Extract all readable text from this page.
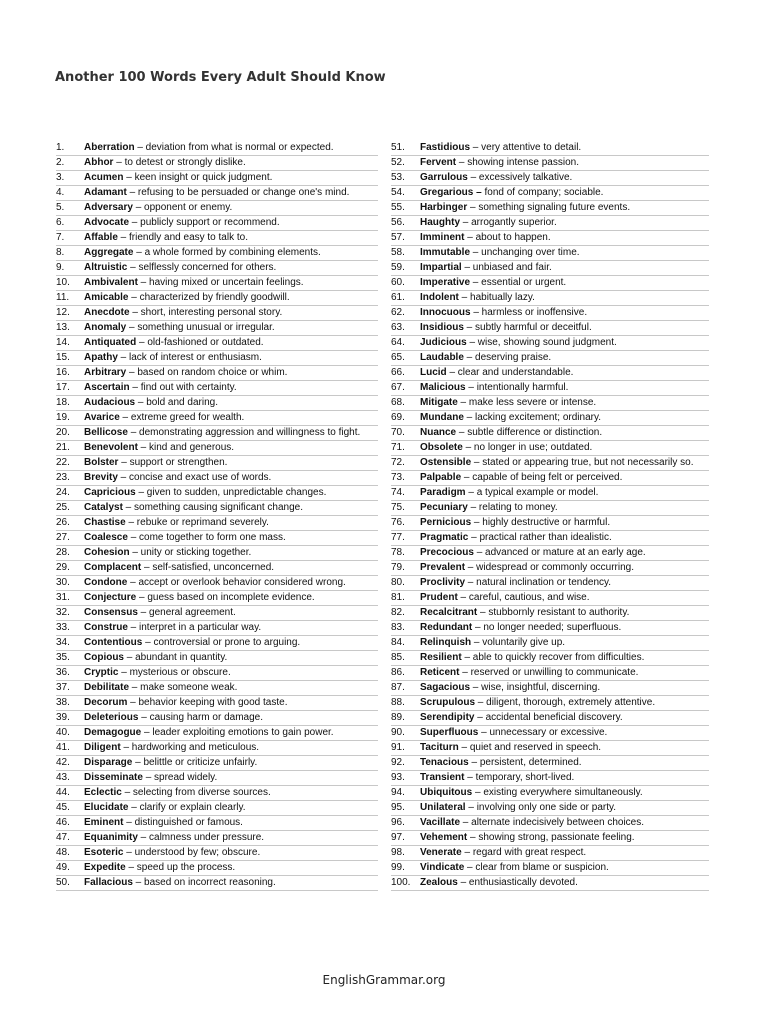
Another 100 Words Every Adult Should Know
1.	Aberration – deviation from what is normal or expected.
2.	Abhor – to detest or strongly dislike.
3.	Acumen – keen insight or quick judgment.
4.	Adamant – refusing to be persuaded or change one's mind.
5.	Adversary – opponent or enemy.
6.	Advocate – publicly support or recommend.
7.	Affable – friendly and easy to talk to.
8.	Aggregate – a whole formed by combining elements.
9.	Altruistic – selflessly concerned for others.
10.	Ambivalent – having mixed or uncertain feelings.
11.	Amicable – characterized by friendly goodwill.
12.	Anecdote – short, interesting personal story.
13.	Anomaly – something unusual or irregular.
14.	Antiquated – old-fashioned or outdated.
15.	Apathy – lack of interest or enthusiasm.
16.	Arbitrary – based on random choice or whim.
17.	Ascertain – find out with certainty.
18.	Audacious – bold and daring.
19.	Avarice – extreme greed for wealth.
20.	Bellicose – demonstrating aggression and willingness to fight.
21.	Benevolent – kind and generous.
22.	Bolster – support or strengthen.
23.	Brevity – concise and exact use of words.
24.	Capricious – given to sudden, unpredictable changes.
25.	Catalyst – something causing significant change.
26.	Chastise – rebuke or reprimand severely.
27.	Coalesce – come together to form one mass.
28.	Cohesion – unity or sticking together.
29.	Complacent – self-satisfied, unconcerned.
30.	Condone – accept or overlook behavior considered wrong.
31.	Conjecture – guess based on incomplete evidence.
32.	Consensus – general agreement.
33.	Construe – interpret in a particular way.
34.	Contentious – controversial or prone to arguing.
35.	Copious – abundant in quantity.
36.	Cryptic – mysterious or obscure.
37.	Debilitate – make someone weak.
38.	Decorum – behavior keeping with good taste.
39.	Deleterious – causing harm or damage.
40.	Demagogue – leader exploiting emotions to gain power.
41.	Diligent – hardworking and meticulous.
42.	Disparage – belittle or criticize unfairly.
43.	Disseminate – spread widely.
44.	Eclectic – selecting from diverse sources.
45.	Elucidate – clarify or explain clearly.
46.	Eminent – distinguished or famous.
47.	Equanimity – calmness under pressure.
48.	Esoteric – understood by few; obscure.
49.	Expedite – speed up the process.
50.	Fallacious – based on incorrect reasoning.
51.	Fastidious – very attentive to detail.
52.	Fervent – showing intense passion.
53.	Garrulous – excessively talkative.
54.	Gregarious – fond of company; sociable.
55.	Harbinger – something signaling future events.
56.	Haughty – arrogantly superior.
57.	Imminent – about to happen.
58.	Immutable – unchanging over time.
59.	Impartial – unbiased and fair.
60.	Imperative – essential or urgent.
61.	Indolent – habitually lazy.
62.	Innocuous – harmless or inoffensive.
63.	Insidious – subtly harmful or deceitful.
64.	Judicious – wise, showing sound judgment.
65.	Laudable – deserving praise.
66.	Lucid – clear and understandable.
67.	Malicious – intentionally harmful.
68.	Mitigate – make less severe or intense.
69.	Mundane – lacking excitement; ordinary.
70.	Nuance – subtle difference or distinction.
71.	Obsolete – no longer in use; outdated.
72.	Ostensible – stated or appearing true, but not necessarily so.
73.	Palpable – capable of being felt or perceived.
74.	Paradigm – a typical example or model.
75.	Pecuniary – relating to money.
76.	Pernicious – highly destructive or harmful.
77.	Pragmatic – practical rather than idealistic.
78.	Precocious – advanced or mature at an early age.
79.	Prevalent – widespread or commonly occurring.
80.	Proclivity – natural inclination or tendency.
81.	Prudent – careful, cautious, and wise.
82.	Recalcitrant – stubbornly resistant to authority.
83.	Redundant – no longer needed; superfluous.
84.	Relinquish – voluntarily give up.
85.	Resilient – able to quickly recover from difficulties.
86.	Reticent – reserved or unwilling to communicate.
87.	Sagacious – wise, insightful, discerning.
88.	Scrupulous – diligent, thorough, extremely attentive.
89.	Serendipity – accidental beneficial discovery.
90.	Superfluous – unnecessary or excessive.
91.	Taciturn – quiet and reserved in speech.
92.	Tenacious – persistent, determined.
93.	Transient – temporary, short-lived.
94.	Ubiquitous – existing everywhere simultaneously.
95.	Unilateral – involving only one side or party.
96.	Vacillate – alternate indecisively between choices.
97.	Vehement – showing strong, passionate feeling.
98.	Venerate – regard with great respect.
99.	Vindicate – clear from blame or suspicion.
100. Zealous – enthusiastically devoted.
EnglishGrammar.org
